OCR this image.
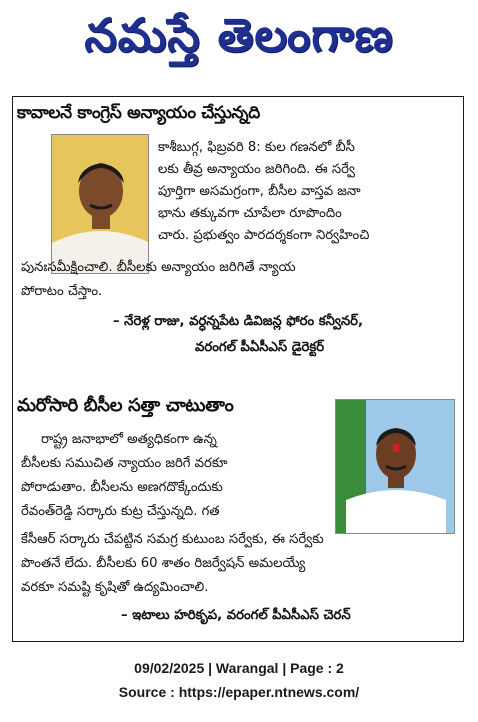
నమస్తే తెలంగాణ
కావాలనే కాంగ్రెస్ అన్యాయం చేస్తున్నది
కాశీబుగ్గ, ఫిబ్రవరి 8: కుల గణనలో బీసీ
లకు తీవ్ర అన్యాయం జరిగింది. ఈ సర్వే
పూర్తిగా అసమగ్రంగా, బీసీల వాస్తవ జనా
భాను తక్కువగా చూపేలా రూపొందిం
చారు. ప్రభుత్వం పారదర్శకంగా నిర్వహించి
పునఃసమీక్షించాలి. బీసీలకు అన్యాయం జరిగితే న్యాయ
పోరాటం చేస్తాం.
– నేరెళ్ల రాజు, వర్ధన్నపేట డివిజన్ల ఫోరం కన్వీనర్,
వరంగల్ పీఏసీఎస్ డైరెక్టర్
మరోసారి బీసీల సత్తా చాటుతాం
రాష్ట్ర జనాభాలో అత్యధికంగా ఉన్న
బీసీలకు సముచిత న్యాయం జరిగే వరకూ
పోరాడుతాం. బీసీలను అణగదొక్కేందుకు
రేవంత్‌రెడ్డి సర్కారు కుట్ర చేస్తున్నది. గత
కేసీఆర్ సర్కారు చేపట్టిన సమగ్ర కుటుంబ సర్వేకు, ఈ సర్వేకు
పొంతనే లేదు. బీసీలకు 60 శాతం రిజర్వేషన్ అమలయ్యే
వరకూ సమష్టి కృషితో ఉద్యమించాలి.
– ఇటాలు హరికృప, వరంగల్ పీఏసీఎస్ చెరన్
09/02/2025 | Warangal | Page : 2
Source : https://epaper.ntnews.com/
